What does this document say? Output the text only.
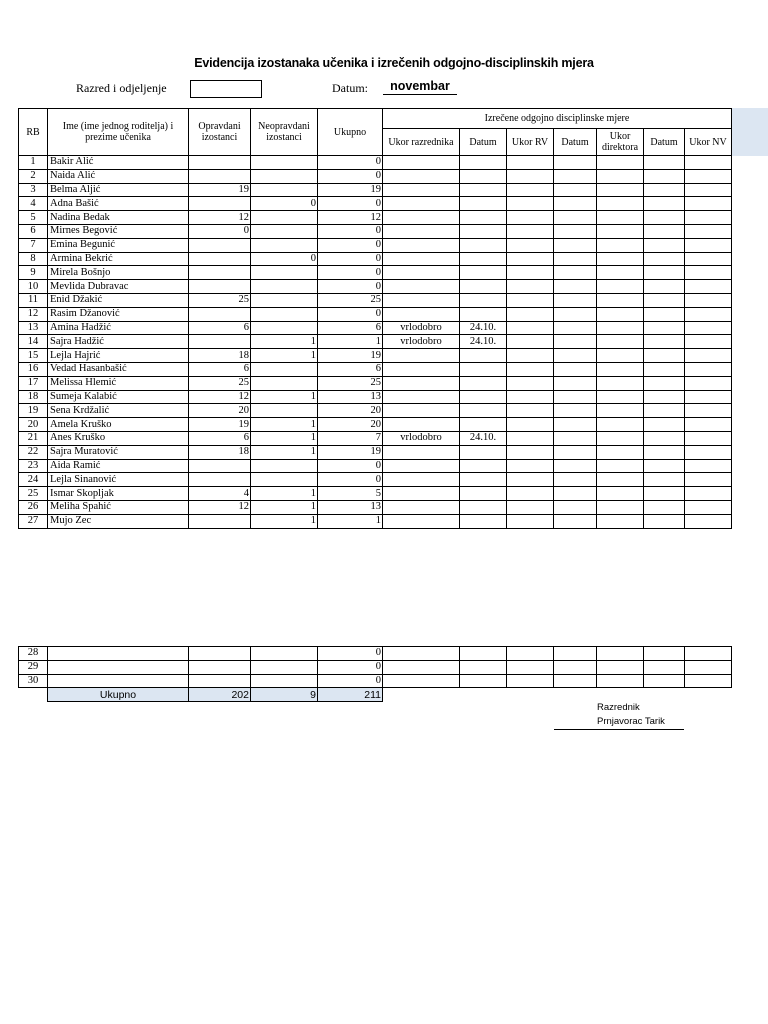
Evidencija izostanaka učenika i izrečenih odgojno-disciplinskih mjera
Razred i odjeljenje	Datum:	novembar
RB	Ime (ime jednog roditelja) i prezime učenika	Opravdani izostanci	Neopravdani izostanci	Ukupno	Izrečene odgojno disciplinske mjere						
					Ukor razrednika	Datum	Ukor RV	Datum	Ukor direktora	Datum	Ukor NV
1	Bakir Alić			0							
2	Naida Alić			0							
3	Belma Aljić	19		19							
4	Adna Bašić		0	0							
5	Nadina Bedak	12		12							
6	Mirnes Begović	0		0							
7	Emina Begunić			0							
8	Armina Bekrić		0	0							
9	Mirela Bošnjo			0							
10	Mevlida Dubravac			0							
11	Enid Džakić	25		25							
12	Rasim Džanović			0							
13	Amina Hadžić	6		6	vrlodobro	24.10.					
14	Sajra Hadžić		1	1	vrlodobro	24.10.					
15	Lejla Hajrić	18	1	19							
16	Vedad Hasanbašić	6		6							
17	Melissa Hlemić	25		25							
18	Sumeja Kalabić	12	1	13							
19	Sena Krdžalić	20		20							
20	Amela Kruško	19	1	20							
21	Anes Kruško	6	1	7	vrlodobro	24.10.					
22	Sajra Muratović	18	1	19							
23	Aida Ramić			0							
24	Lejla Sinanović			0							
25	Ismar Skopljak	4	1	5							
26	Meliha Spahić	12	1	13							
27	Mujo Zec		1	1							
28				0							
29				0							
30				0							
	Ukupno	202	9	211							
Razrednik
Prnjavorac Tarik
